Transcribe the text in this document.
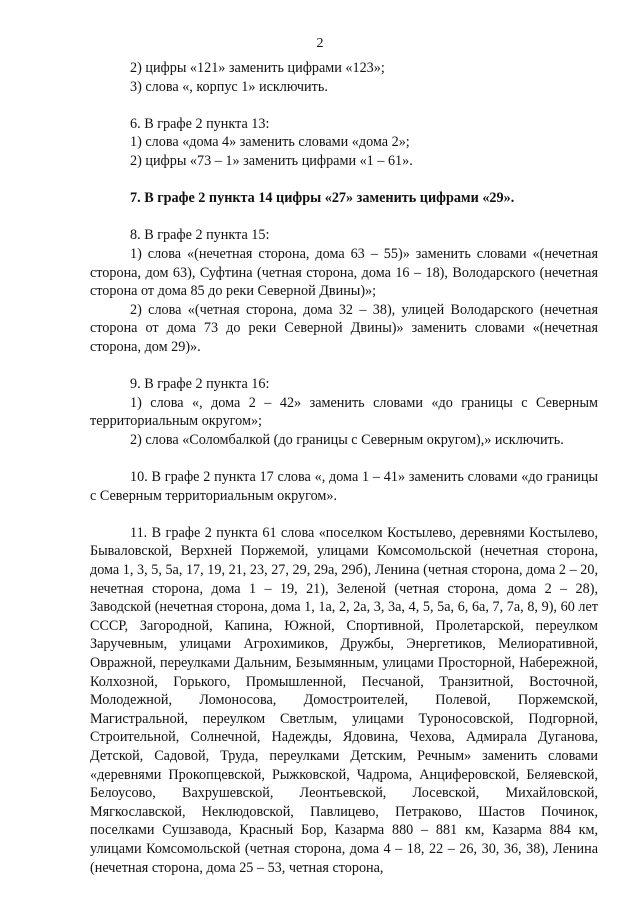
2

2) цифры «121» заменить цифрами «123»;

3) слова «, корпус 1» исключить.

6. В графе 2 пункта 13:

1) слова «дома 4» заменить словами «дома 2»;

2) цифры «73 – 1» заменить цифрами «1 – 61».

7. В графе 2 пункта 14 цифры «27» заменить цифрами «29».

8. В графе 2 пункта 15:

1) слова «(нечетная сторона, дома 63 – 55)» заменить словами «(нечетная сторона, дом 63), Суфтина (четная сторона, дома 16 – 18), Володарского (нечетная сторона от дома 85 до реки Северной Двины)»;

2) слова «(четная сторона, дома 32 – 38), улицей Володарского (нечетная сторона от дома 73 до реки Северной Двины)» заменить словами «(нечетная сторона, дом 29)».

9. В графе 2 пункта 16:

1) слова «, дома 2 – 42» заменить словами «до границы с Северным территориальным округом»;

2) слова «Соломбалкой (до границы с Северным округом),» исключить.

10. В графе 2 пункта 17 слова «, дома 1 – 41» заменить словами «до границы с Северным территориальным округом».

11. В графе 2 пункта 61 слова «поселком Костылево, деревнями Костылево, Бываловской, Верхней Поржемой, улицами Комсомольской (нечетная сторона, дома 1, 3, 5, 5а, 17, 19, 21, 23, 27, 29, 29а, 29б), Ленина (четная сторона, дома 2 – 20, нечетная сторона, дома 1 – 19, 21), Зеленой (четная сторона, дома 2 – 28), Заводской (нечетная сторона, дома 1, 1а, 2, 2а, 3, 3а, 4, 5, 5а, 6, 6а, 7, 7а, 8, 9), 60 лет СССР, Загородной, Капина, Южной, Спортивной, Пролетарской, переулком Заручевным, улицами Агрохимиков, Дружбы, Энергетиков, Мелиоративной, Овражной, переулками Дальним, Безымянным, улицами Просторной, Набережной, Колхозной, Горького, Промышленной, Песчаной, Транзитной, Восточной, Молодежной, Ломоносова, Домостроителей, Полевой, Поржемской, Магистральной, переулком Светлым, улицами Туроносовской, Подгорной, Строительной, Солнечной, Надежды, Ядовина, Чехова, Адмирала Дуганова, Детской, Садовой, Труда, переулками Детским, Речным» заменить словами «деревнями Прокопцевской, Рыжковской, Чадрома, Анциферовской, Беляевской, Белоусово, Вахрушевской, Леонтьевской, Лосевской, Михайловской, Мягкославской, Неклюдовской, Павлицево, Петраково, Шастов Починок, поселками Сушзавода, Красный Бор, Казарма 880 – 881 км, Казарма 884 км, улицами Комсомольской (четная сторона, дома 4 – 18, 22 – 26, 30, 36, 38), Ленина (нечетная сторона, дома 25 – 53, четная сторона,
